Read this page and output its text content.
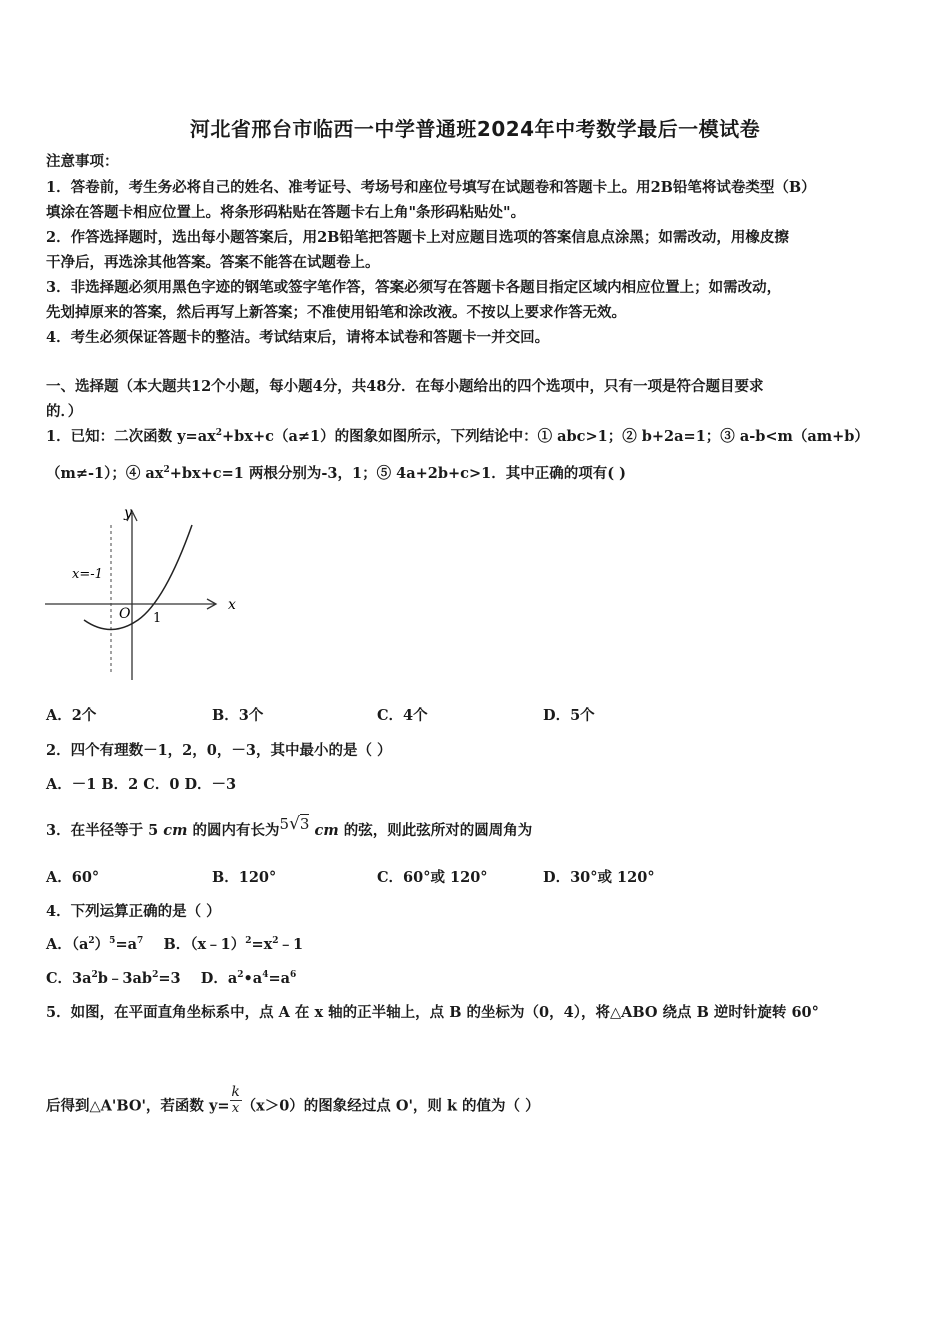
河北省邢台市临西一中学普通班2024年中考数学最后一模试卷
注意事项：
1．答卷前，考生务必将自己的姓名、准考证号、考场号和座位号填写在试题卷和答题卡上。用2B铅笔将试卷类型（B）
填涂在答题卡相应位置上。将条形码粘贴在答题卡右上角"条形码粘贴处"。
2．作答选择题时，选出每小题答案后，用2B铅笔把答题卡上对应题目选项的答案信息点涂黑；如需改动，用橡皮擦
干净后，再选涂其他答案。答案不能答在试题卷上。
3．非选择题必须用黑色字迹的钢笔或签字笔作答，答案必须写在答题卡各题目指定区域内相应位置上；如需改动，
先划掉原来的答案，然后再写上新答案；不准使用铅笔和涂改液。不按以上要求作答无效。
4．考生必须保证答题卡的整洁。考试结束后，请将本试卷和答题卡一并交回。
一、选择题（本大题共12个小题，每小题4分，共48分．在每小题给出的四个选项中，只有一项是符合题目要求
的．）
1．已知：二次函数 $y=ax^2+bx+c(a\ne 1)$的图象如图所示，下列结论中：① abc>1；② b+2a=1；③ a-b<m（am+b）
（m≠-1）；④ $ax^2+bx+c=1$ 两根分别为-3，1；⑤ 4a+2b+c>1．其中正确的项有( )
x
y
x=-1
O 1
A．2个	B．3个	C．4个	D．5个
2．四个有理数－1，2，0，－3，其中最小的是（ ）
A．－1 B．2 C．0 D．－3
3．在半径等于 5 cm 的圆内有长为5√3 cm 的弦，则此弦所对的圆周角为
A．60°	B．120°	C．60°或 120°	D．30°或 120°
4．下列运算正确的是（ ）
A．$(a^2)^5=a^7$ B．$(x﹣1)^2=x^2﹣1$
C．$3a^2b﹣3ab^2=3$ D．$a^2•a^4=a^6$
5．如图，在平面直角坐标系中，点 A 在 x 轴的正半轴上，点 B 的坐标为（0，4），将△ABO 绕点 B 逆时针旋转 60°
后得到△A'BO'，若函数 $y= \frac{k}{x} (x>0)$的图象经过点 O'，则 k 的值为（ ）
